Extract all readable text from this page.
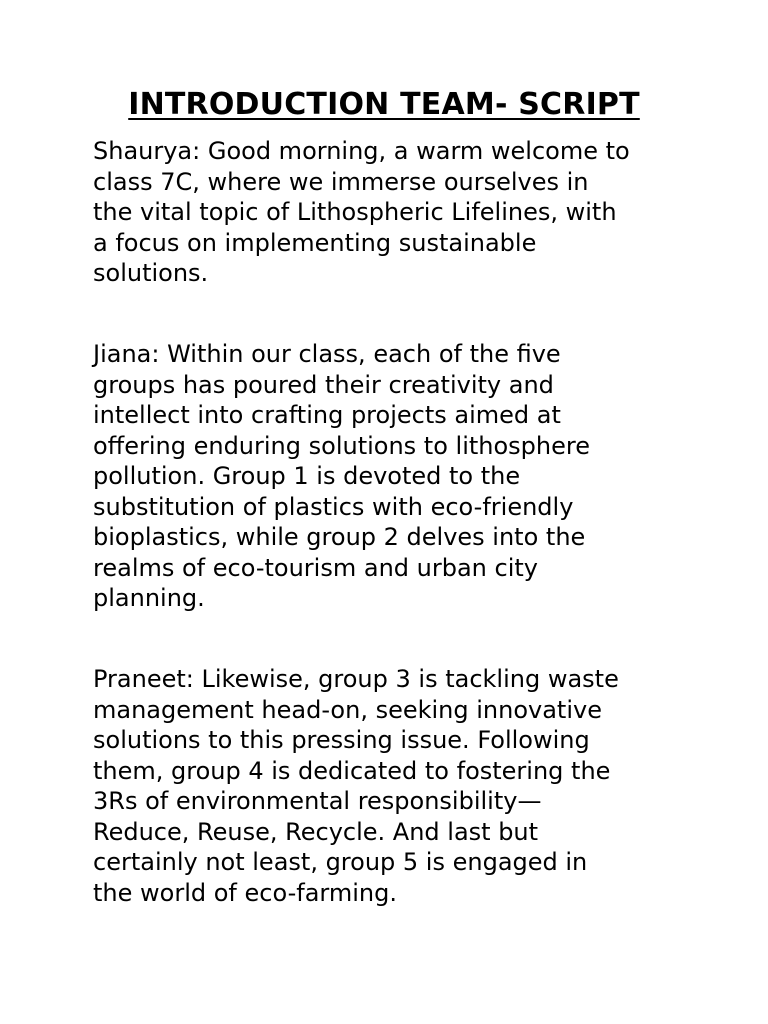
INTRODUCTION TEAM- SCRIPT

Shaurya: Good morning, a warm welcome to
class 7C, where we immerse ourselves in
the vital topic of Lithospheric Lifelines, with
a focus on implementing sustainable
solutions.

Jiana: Within our class, each of the five
groups has poured their creativity and
intellect into crafting projects aimed at
offering enduring solutions to lithosphere
pollution. Group 1 is devoted to the
substitution of plastics with eco-friendly
bioplastics, while group 2 delves into the
realms of eco-tourism and urban city
planning.

Praneet: Likewise, group 3 is tackling waste
management head-on, seeking innovative
solutions to this pressing issue. Following
them, group 4 is dedicated to fostering the
3Rs of environmental responsibility—
Reduce, Reuse, Recycle. And last but
certainly not least, group 5 is engaged in
the world of eco-farming.
